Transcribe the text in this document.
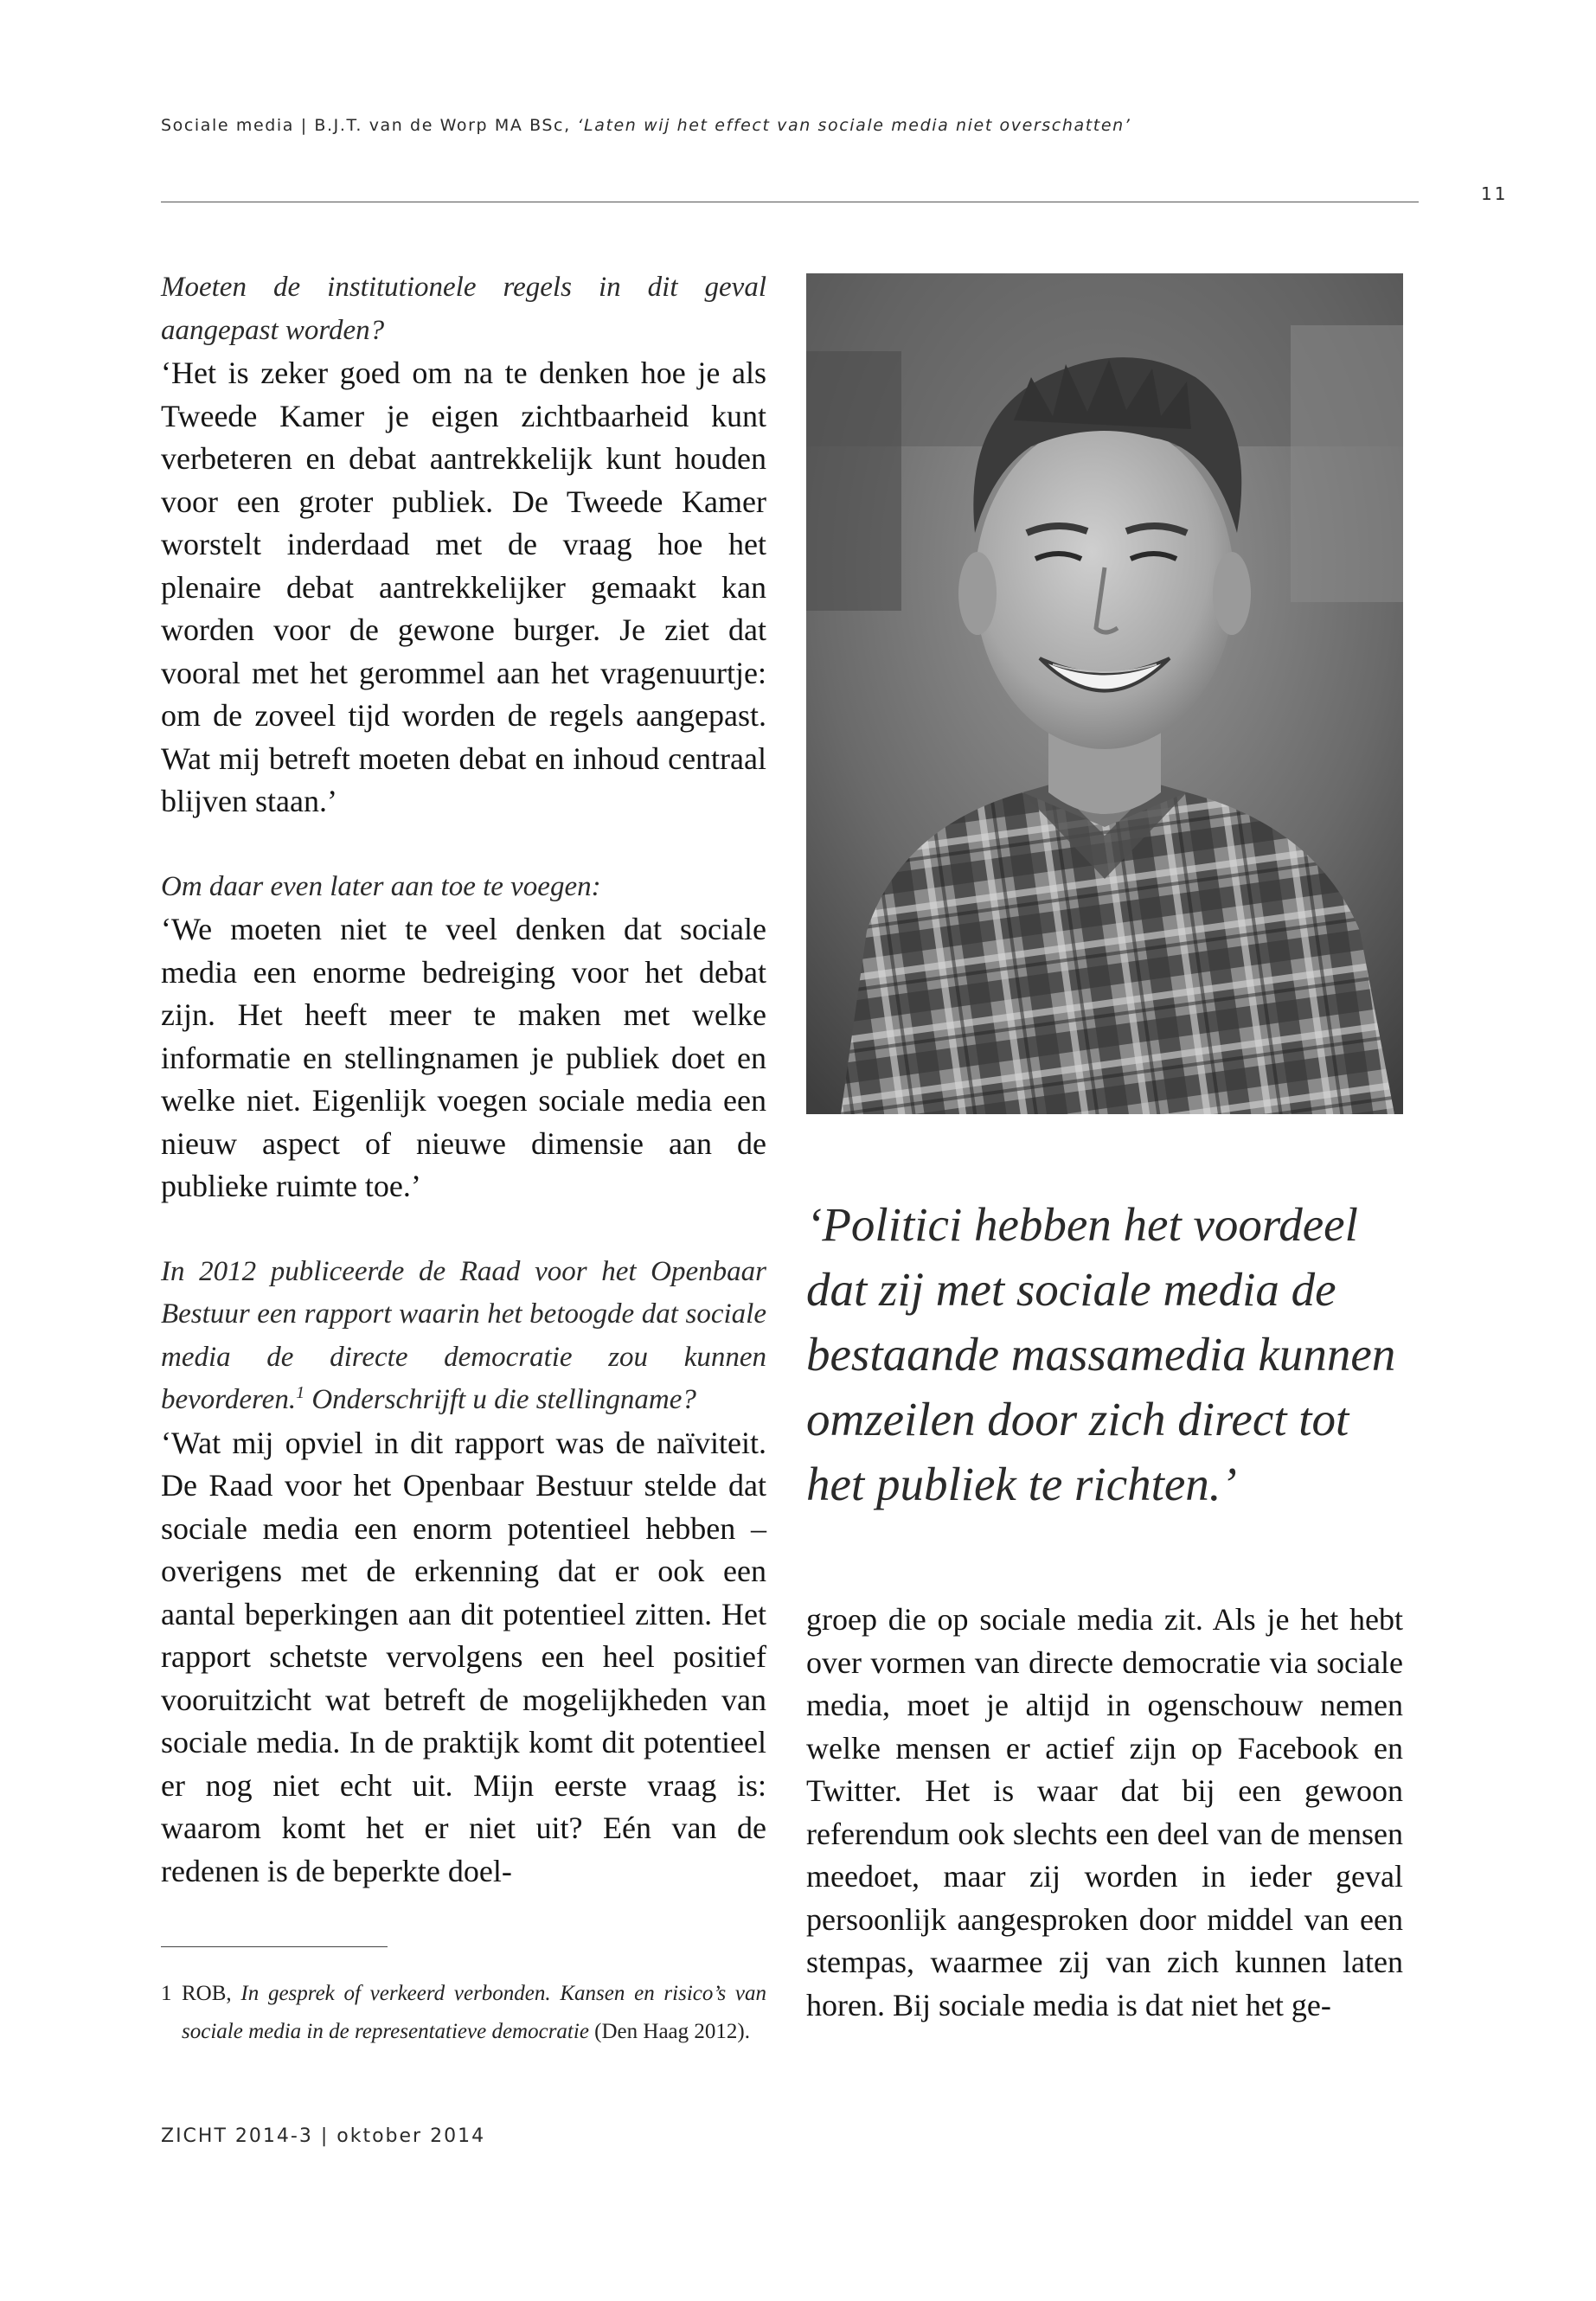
Sociale media | B.J.T. van de Worp MA BSc, ‘Laten wij het effect van sociale media niet overschatten’
11

Moeten de institutionele regels in dit geval aangepast worden?

‘Het is zeker goed om na te denken hoe je als Tweede Kamer je eigen zichtbaarheid kunt verbeteren en debat aantrekkelijk kunt houden voor een groter publiek. De Tweede Kamer worstelt inderdaad met de vraag hoe het plenaire debat aantrekkelijker gemaakt kan worden voor de gewone burger. Je ziet dat vooral met het gerommel aan het vragenuurtje: om de zoveel tijd worden de regels aangepast. Wat mij betreft moeten debat en inhoud centraal blijven staan.’

Om daar even later aan toe te voegen:

‘We moeten niet te veel denken dat sociale media een enorme bedreiging voor het debat zijn. Het heeft meer te maken met welke informatie en stellingnamen je publiek doet en welke niet. Eigenlijk voegen sociale media een nieuw aspect of nieuwe dimensie aan de publieke ruimte toe.’

In 2012 publiceerde de Raad voor het Openbaar Bestuur een rapport waarin het betoogde dat sociale media de directe democratie zou kunnen bevorderen.$^1$ Onderschrijft u die stellingname?

‘Wat mij opviel in dit rapport was de naïviteit. De Raad voor het Openbaar Bestuur stelde dat sociale media een enorm potentieel hebben – overigens met de erkenning dat er ook een aantal beperkingen aan dit potentieel zitten. Het rapport schetste vervolgens een heel positief vooruitzicht wat betreft de mogelijkheden van sociale media. In de praktijk komt dit potentieel er nog niet echt uit. Mijn eerste vraag is: waarom komt het er niet uit? Eén van de redenen is de beperkte doel-

1 ROB, In gesprek of verkeerd verbonden. Kansen en risico’s van sociale media in de representatieve democratie (Den Haag 2012).
ZICHT 2014-3 | oktober 2014

‘Politici hebben het voordeel dat zij met sociale media de bestaande massamedia kunnen omzeilen door zich direct tot het publiek te richten.’

groep die op sociale media zit. Als je het hebt over vormen van directe democratie via sociale media, moet je altijd in ogenschouw nemen welke mensen er actief zijn op Facebook en Twitter. Het is waar dat bij een gewoon referendum ook slechts een deel van de mensen meedoet, maar zij worden in ieder geval persoonlijk aangesproken door middel van een stempas, waarmee zij van zich kunnen laten horen. Bij sociale media is dat niet het ge-
